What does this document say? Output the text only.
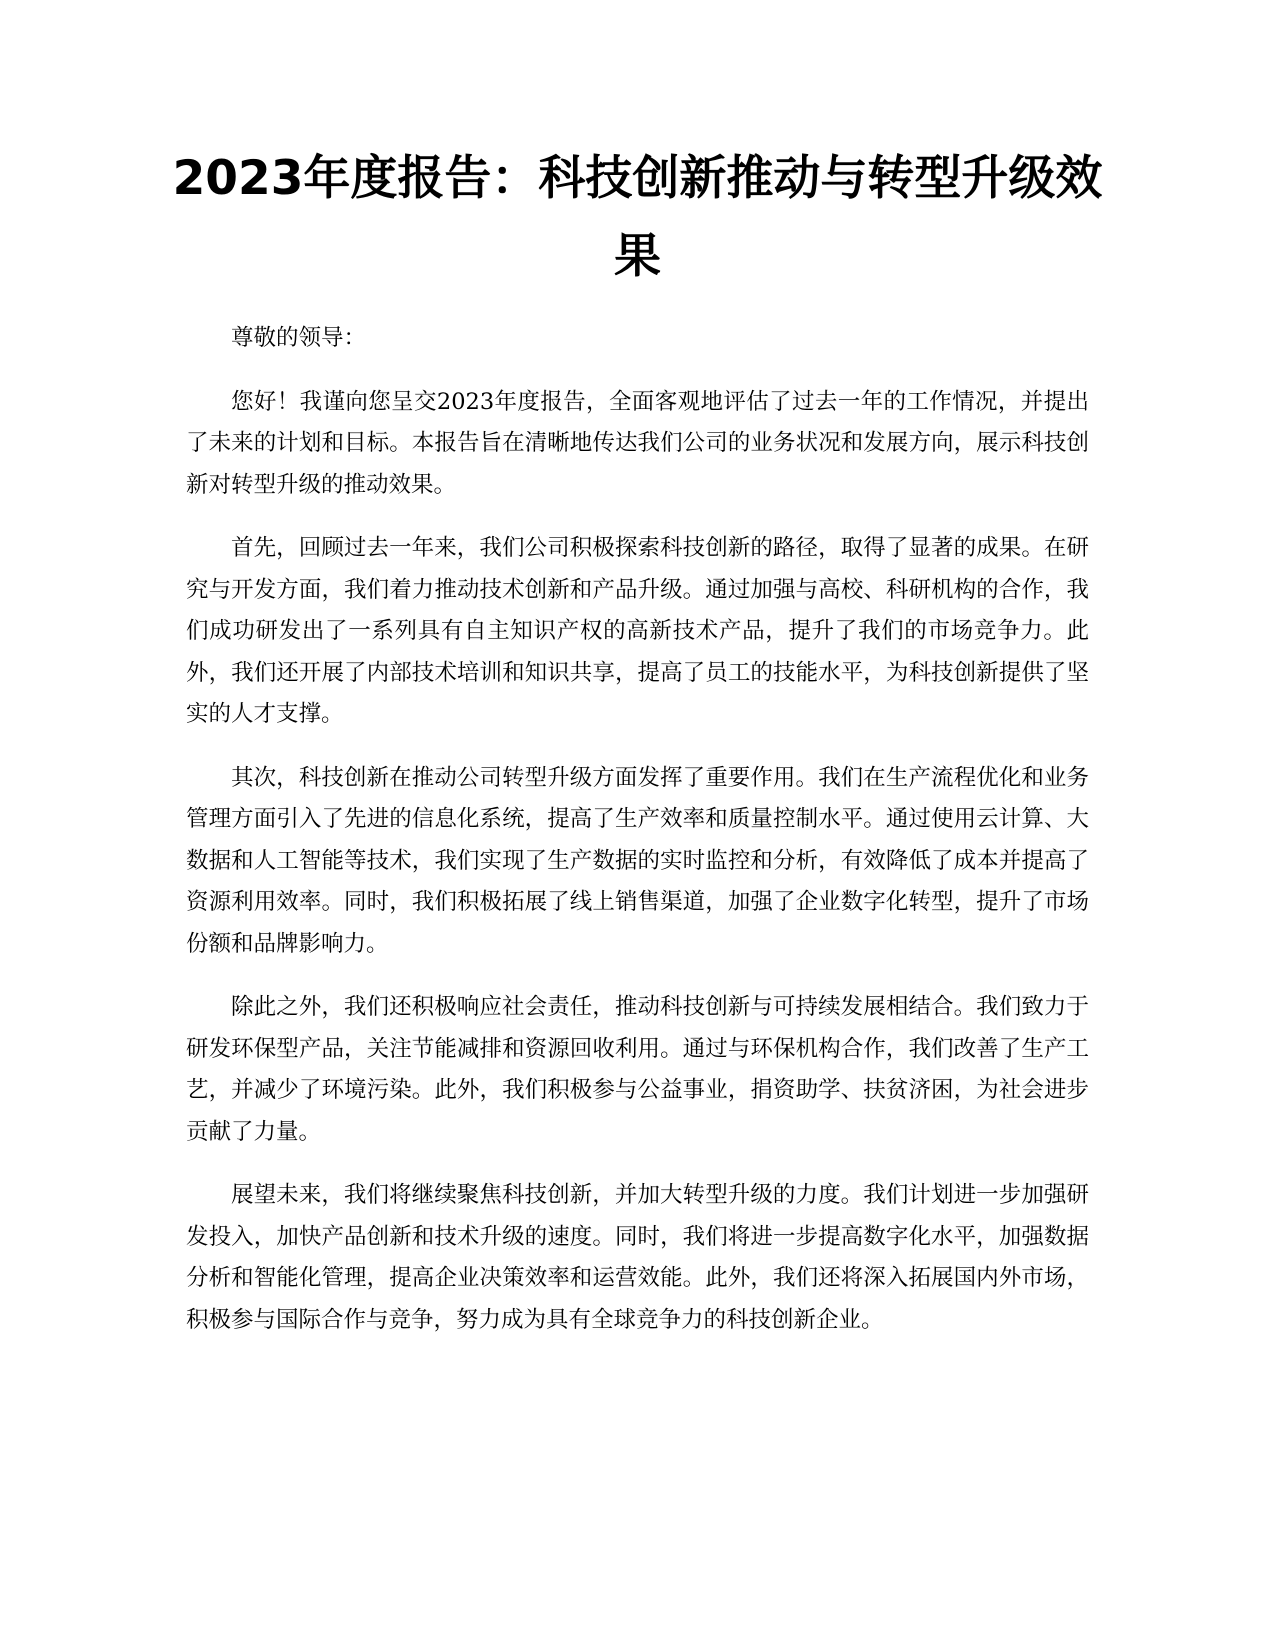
2023年度报告：科技创新推动与转型升级效果

尊敬的领导：

您好！我谨向您呈交2023年度报告，全面客观地评估了过去一年的工作情况，并提出了未来的计划和目标。本报告旨在清晰地传达我们公司的业务状况和发展方向，展示科技创新对转型升级的推动效果。

首先，回顾过去一年来，我们公司积极探索科技创新的路径，取得了显著的成果。在研究与开发方面，我们着力推动技术创新和产品升级。通过加强与高校、科研机构的合作，我们成功研发出了一系列具有自主知识产权的高新技术产品，提升了我们的市场竞争力。此外，我们还开展了内部技术培训和知识共享，提高了员工的技能水平，为科技创新提供了坚实的人才支撑。

其次，科技创新在推动公司转型升级方面发挥了重要作用。我们在生产流程优化和业务管理方面引入了先进的信息化系统，提高了生产效率和质量控制水平。通过使用云计算、大数据和人工智能等技术，我们实现了生产数据的实时监控和分析，有效降低了成本并提高了资源利用效率。同时，我们积极拓展了线上销售渠道，加强了企业数字化转型，提升了市场份额和品牌影响力。

除此之外，我们还积极响应社会责任，推动科技创新与可持续发展相结合。我们致力于研发环保型产品，关注节能减排和资源回收利用。通过与环保机构合作，我们改善了生产工艺，并减少了环境污染。此外，我们积极参与公益事业，捐资助学、扶贫济困，为社会进步贡献了力量。

展望未来，我们将继续聚焦科技创新，并加大转型升级的力度。我们计划进一步加强研发投入，加快产品创新和技术升级的速度。同时，我们将进一步提高数字化水平，加强数据分析和智能化管理，提高企业决策效率和运营效能。此外，我们还将深入拓展国内外市场，积极参与国际合作与竞争，努力成为具有全球竞争力的科技创新企业。
